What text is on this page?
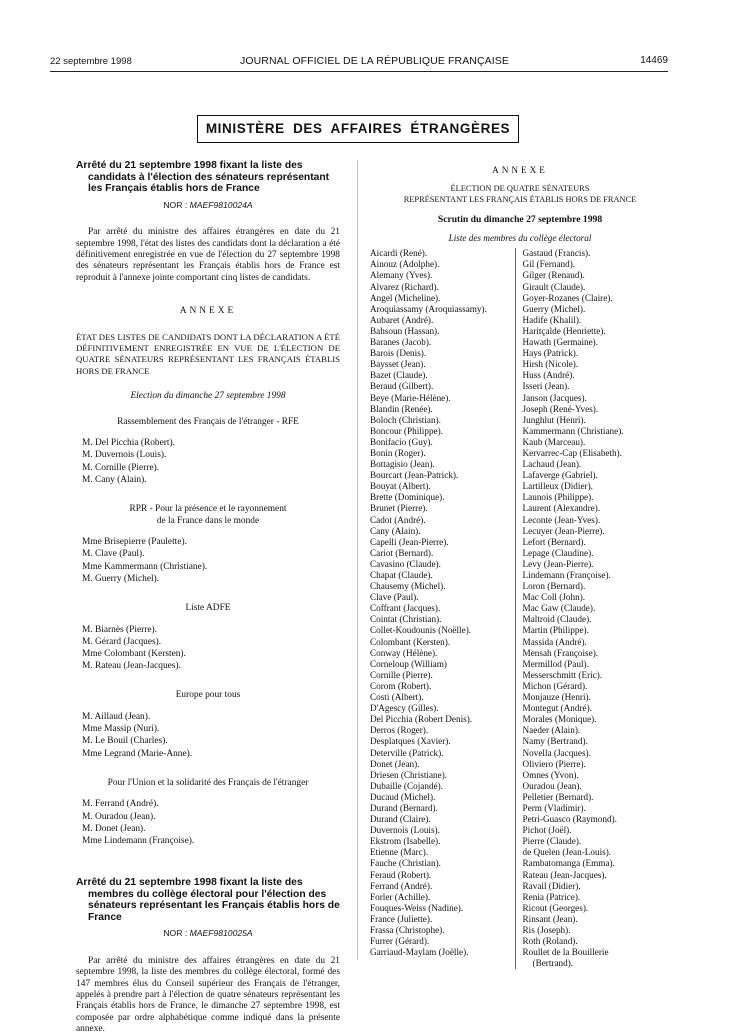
22 septembre 1998	JOURNAL OFFICIEL DE LA RÉPUBLIQUE FRANÇAISE	14469
MINISTÈRE DES AFFAIRES ÉTRANGÈRES

Arrêté du 21 septembre 1998 fixant la liste des candidats à l'élection des sénateurs représentant les Français établis hors de France

NOR : MAEF9810024A

Par arrêté du ministre des affaires étrangères en date du 21 septembre 1998, l'état des listes des candidats dont la déclaration a été définitivement enregistrée en vue de l'élection du 27 septembre 1998 des sénateurs représentant les Français établis hors de France est reproduit à l'annexe jointe comportant cinq listes de candidats.

ANNEXE

ÉTAT DES LISTES DE CANDIDATS DONT LA DÉCLARATION A ÉTÉ DÉFINITIVEMENT ENREGISTRÉE EN VUE DE L'ÉLECTION DE QUATRE SÉNATEURS REPRÉSENTANT LES FRANÇAIS ÉTABLIS HORS DE FRANCE

Election du dimanche 27 septembre 1998

Rassemblement des Français de l'étranger - RFE

M. Del Picchia (Robert).
M. Duvernois (Louis).
M. Cornille (Pierre).
M. Cany (Alain).

RPR - Pour la présence et le rayonnement de la France dans le monde

Mme Brisepierre (Paulette).
M. Clave (Paul).
Mme Kammermann (Christiane).
M. Guerry (Michel).

Liste ADFE

M. Biarnès (Pierre).
M. Gérard (Jacques).
Mme Colombant (Kersten).
M. Rateau (Jean-Jacques).

Europe pour tous

M. Aillaud (Jean).
Mme Massip (Nuri).
M. Le Bouil (Charles).
Mme Legrand (Marie-Anne).

Pour l'Union et la solidarité des Français de l'étranger

M. Ferrand (André).
M. Ouradou (Jean).
M. Donet (Jean).
Mme Lindemann (Françoise).

Arrêté du 21 septembre 1998 fixant la liste des membres du collège électoral pour l'élection des sénateurs représentant les Français établis hors de France

NOR : MAEF9810025A

Par arrêté du ministre des affaires étrangères en date du 21 septembre 1998, la liste des membres du collège électoral, formé des 147 membres élus du Conseil supérieur des Français de l'étranger, appelés à prendre part à l'élection de quatre sénateurs représentant les Français établis hors de France, le dimanche 27 septembre 1998, est composée par ordre alphabétique comme indiqué dans la présente annexe.

ANNEXE

ÉLECTION DE QUATRE SÉNATEURS
REPRÉSENTANT LES FRANÇAIS ÉTABLIS HORS DE FRANCE

Scrutin du dimanche 27 septembre 1998

Liste des membres du collège électoral

Aicardi (René).
Ainouz (Adolphe).
Alemany (Yves).
Alvarez (Richard).
Angel (Micheline).
Aroquiassamy (Aroquiassamy).
Aubaret (André).
Bahsoun (Hassan).
Baranes (Jacob).
Barois (Denis).
Baysset (Jean).
Bazet (Claude).
Beraud (Gilbert).
Beye (Marie-Hélène).
Blandin (Renée).
Boloch (Christian).
Boncour (Philippe).
Bonifacio (Guy).
Bonin (Roger).
Bottagisio (Jean).
Bourcart (Jean-Patrick).
Bouyat (Albert).
Brette (Dominique).
Brunet (Pierre).
Cadot (André).
Cany (Alain).
Capelli (Jean-Pierre).
Cariot (Bernard).
Cavasino (Claude).
Chapat (Claude).
Chausemy (Michel).
Clave (Paul).
Coffrant (Jacques).
Cointat (Christian).
Collet-Koudounis (Noëlle).
Colombant (Kersten).
Conway (Hélène).
Corneloup (William)
Cornille (Pierre).
Corom (Robert).
Costi (Albert).
D'Agescy (Gilles).
Del Picchia (Robert Denis).
Derros (Roger).
Desplatques (Xavier).
Deterville (Patrick).
Donet (Jean).
Driesen (Christiane).
Dubaille (Cojandé).
Ducaud (Michel).
Durand (Bernard).
Durand (Claire).
Duvernois (Louis).
Ekstrom (Isabelle).
Etienne (Marc).
Fauche (Christian).
Feraud (Robert).
Ferrand (André).
Forler (Achille).
Fouques-Weiss (Nadine).
France (Juliette).
Frassa (Christophe).
Furrer (Gérard).
Garriaud-Maylam (Joëlle).
Gastaud (Francis).
Gil (Fernand).
Gilger (Renaud).
Girault (Claude).
Goyer-Rozanes (Claire).
Guerry (Michel).
Hadife (Khalil).
Haritçalde (Henriette).
Hawath (Germaine).
Hays (Patrick).
Hirsh (Nicole).
Huss (André).
Isseri (Jean).
Janson (Jacques).
Joseph (René-Yves).
Junghlut (Henri).
Kammermann (Christiane).
Kaub (Marceau).
Kervarrec-Cap (Elisabeth).
Lachaud (Jean).
Lafaverge (Gabriel).
Lartilleux (Didier).
Launois (Philippe).
Laurent (Alexandre).
Leconte (Jean-Yves).
Lecuyer (Jean-Pierre).
Lefort (Bernard).
Lepage (Claudine).
Levy (Jean-Pierre).
Lindemann (Françoise).
Loron (Bernard).
Mac Coll (John).
Mac Gaw (Claude).
Maltroid (Claude).
Martin (Philippe).
Massida (André).
Mensah (Françoise).
Mermillod (Paul).
Messerschmitt (Eric).
Michon (Gérard).
Monjauze (Henri).
Montegut (André).
Morales (Monique).
Naeder (Alain).
Namy (Bertrand).
Novella (Jacques).
Oliviero (Pierre).
Omnes (Yvon).
Ouradou (Jean).
Pelletier (Bernard).
Perm (Vladimir).
Petri-Guasco (Raymond).
Pichot (Joël).
Pierre (Claude).
de Quelen (Jean-Louis).
Rambatomanga (Emma).
Rateau (Jean-Jacques).
Ravail (Didier).
Renia (Patrice).
Ricout (Georges).
Rinsant (Jean).
Ris (Joseph).
Roth (Roland).
Roullet de la Bouillerie
(Bertrand).
